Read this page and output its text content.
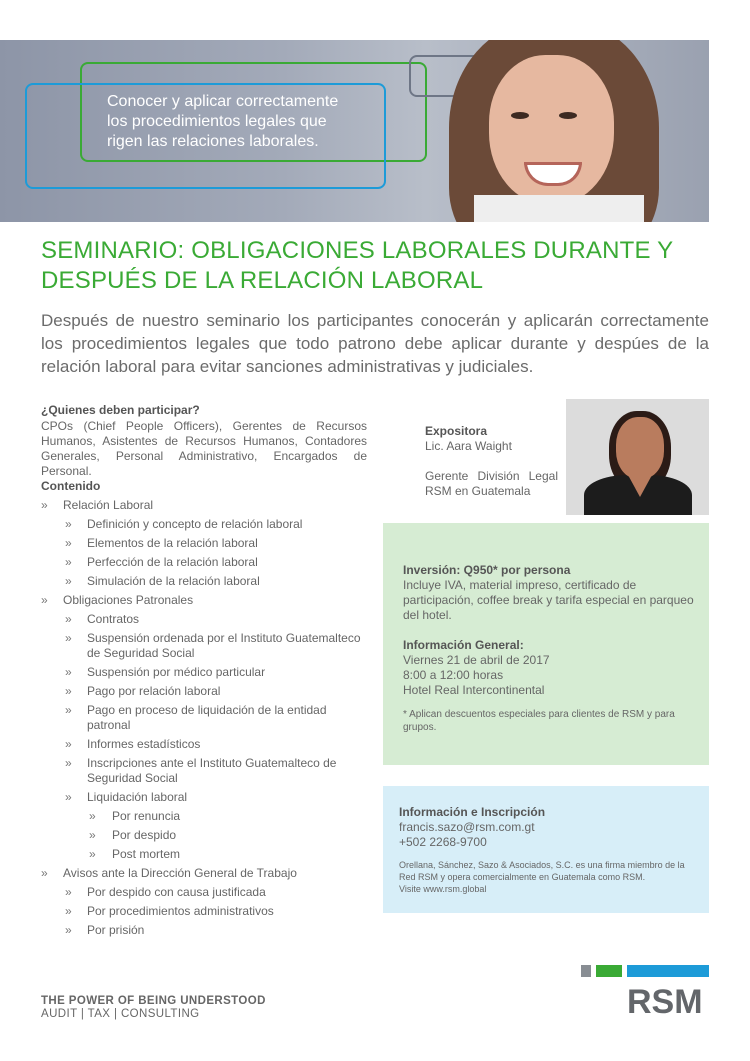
Conocer y aplicar correctamente
los procedimientos legales que
rigen las relaciones laborales.
SEMINARIO: OBLIGACIONES LABORALES DURANTE Y
DESPUÉS DE LA RELACIÓN LABORAL
Después de nuestro seminario los participantes conocerán y aplicarán correctamente los procedimientos legales que todo patrono debe aplicar durante y despúes de la relación laboral para evitar sanciones administrativas y judiciales.
¿Quienes deben participar?
CPOs (Chief People Officers), Gerentes de Recursos Humanos, Asistentes de Recursos Humanos, Contadores Generales, Personal Administrativo, Encargados de Personal.
Contenido
» Relación Laboral
» Definición y concepto de relación laboral
» Elementos de la relación laboral
» Perfección de la relación laboral
» Simulación de la relación laboral
» Obligaciones Patronales
» Contratos
» Suspensión ordenada por el Instituto Guatemalteco de Seguridad Social
» Suspensión por médico particular
» Pago por relación laboral
» Pago en proceso de liquidación de la entidad patronal
» Informes estadísticos
» Inscripciones ante el Instituto Guatemalteco de Seguridad Social
» Liquidación laboral
» Por renuncia
» Por despido
» Post mortem
» Avisos ante la Dirección General de Trabajo
» Por despido con causa justificada
» Por procedimientos administrativos
» Por prisión
Expositora
Lic. Aara Waight
Gerente División Legal
RSM en Guatemala
Inversión: Q950* por persona
Incluye IVA, material impreso, certificado de participación, coffee break y tarifa especial en parqueo del hotel.
Información General:
Viernes 21 de abril de 2017
8:00 a 12:00 horas
Hotel Real Intercontinental
* Aplican descuentos especiales para clientes de RSM y para grupos.
Información e Inscripción
francis.sazo@rsm.com.gt
+502 2268-9700
Orellana, Sánchez, Sazo & Asociados, S.C. es una firma miembro de la Red RSM y opera comercialmente en Guatemala como RSM.
Visite www.rsm.global
THE POWER OF BEING UNDERSTOOD
AUDIT | TAX | CONSULTING	RSM
